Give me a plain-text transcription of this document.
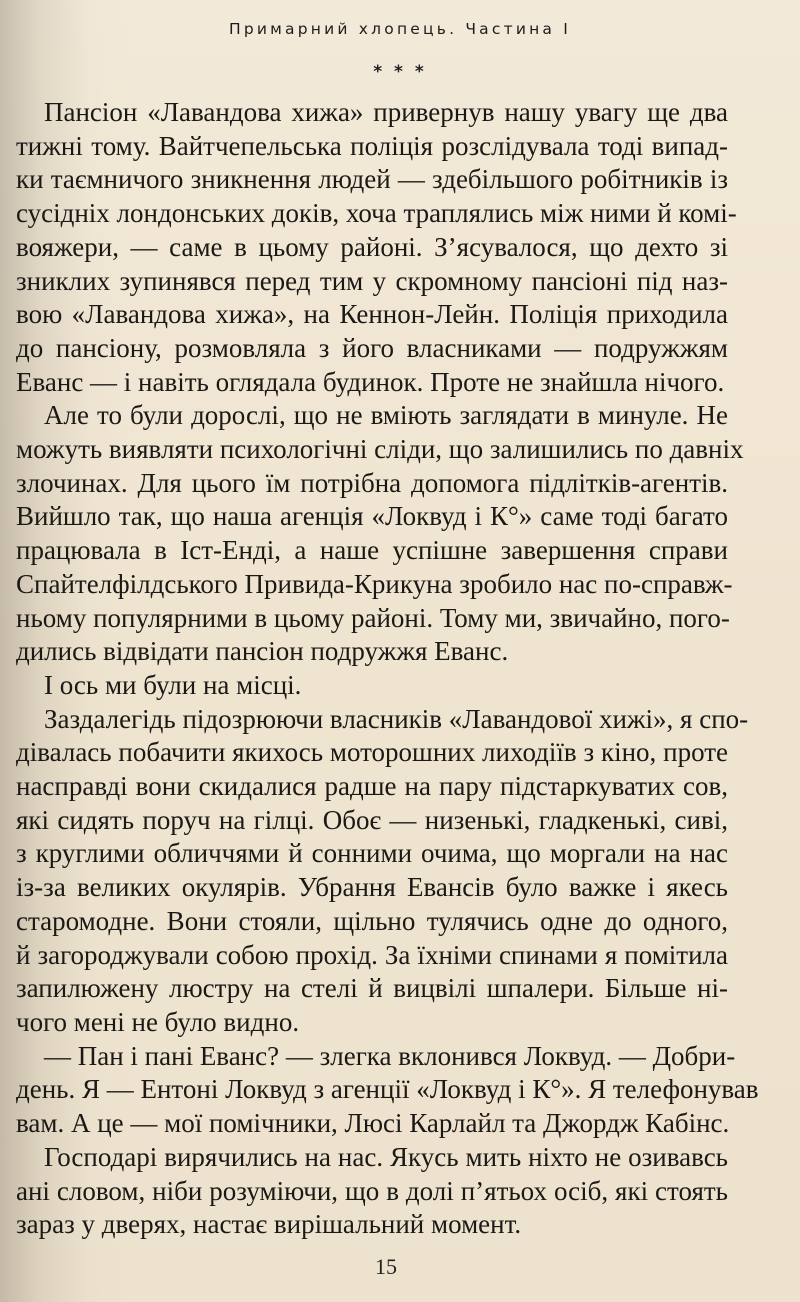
Примарний хлопець. Частина I
* * *
Пансіон «Лавандова хижа» привернув нашу увагу ще два
тижні тому. Вайтчепельська поліція розслідувала тоді випад-
ки таємничого зникнення людей — здебільшого робітників із
сусідніх лондонських доків, хоча траплялись між ними й комі-
вояжери, — саме в цьому районі. З’ясувалося, що дехто зі
зниклих зупинявся перед тим у скромному пансіоні під наз-
вою «Лавандова хижа», на Кеннон-Лейн. Поліція приходила
до пансіону, розмовляла з його власниками — подружжям
Еванс — і навіть оглядала будинок. Проте не знайшла нічого.
Але то були дорослі, що не вміють заглядати в минуле. Не
можуть виявляти психологічні сліди, що залишились по давніх
злочинах. Для цього їм потрібна допомога підлітків-агентів.
Вийшло так, що наша агенція «Локвуд і К°» саме тоді багато
працювала в Іст-Енді, а наше успішне завершення справи
Спайтелфілдського Привида-Крикуна зробило нас по-справж-
ньому популярними в цьому районі. Тому ми, звичайно, пого-
дились відвідати пансіон подружжя Еванс.
І ось ми були на місці.
Заздалегідь підозрюючи власників «Лавандової хижі», я спо-
дівалась побачити якихось моторошних лиходіїв з кіно, проте
насправді вони скидалися радше на пару підстаркуватих сов,
які сидять поруч на гілці. Обоє — низенькі, гладкенькі, сиві,
з круглими обличчями й сонними очима, що моргали на нас
із-за великих окулярів. Убрання Евансів було важке і якесь
старомодне. Вони стояли, щільно тулячись одне до одного,
й загороджували собою прохід. За їхніми спинами я помітила
запилюжену люстру на стелі й вицвілі шпалери. Більше ні-
чого мені не було видно.
— Пан і пані Еванс? — злегка вклонився Локвуд. — Добри-
день. Я — Ентоні Локвуд з агенції «Локвуд і К°». Я телефонував
вам. А це — мої помічники, Люсі Карлайл та Джордж Кабінс.
Господарі вирячились на нас. Якусь мить ніхто не озивавсь
ані словом, ніби розуміючи, що в долі п’ятьох осіб, які стоять
зараз у дверях, настає вирішальний момент.
15
